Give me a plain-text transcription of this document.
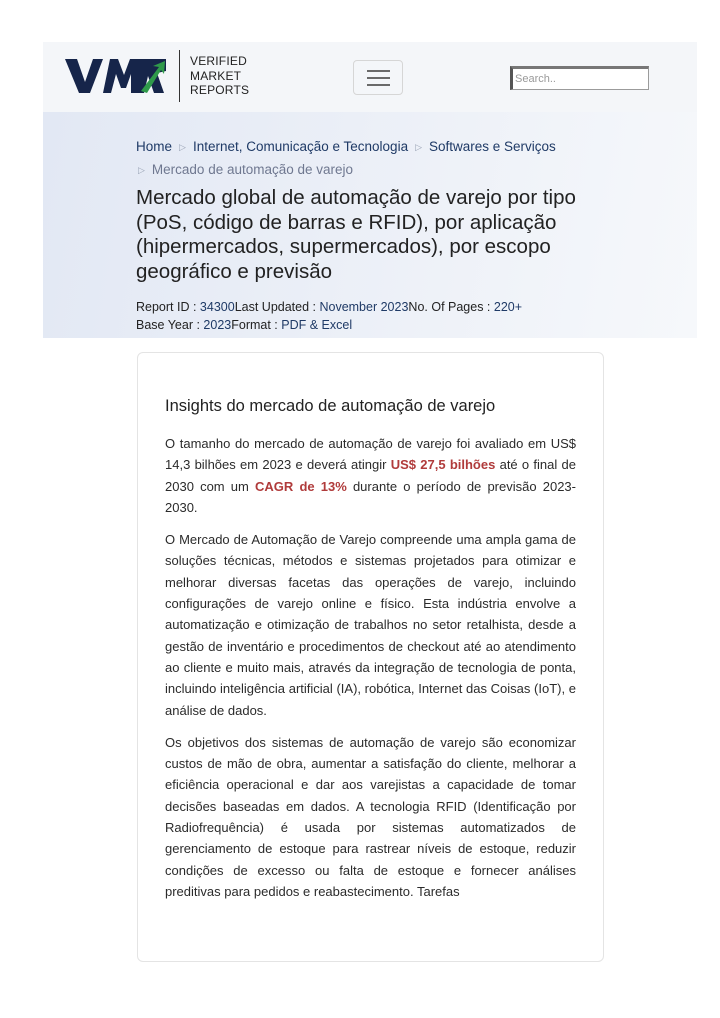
VERIFIED
MARKET
REPORTS
Search..
Home ▷ Internet, Comunicação e Tecnologia ▷ Softwares e Serviços
▷ Mercado de automação de varejo
Mercado global de automação de varejo por tipo (PoS, código de barras e RFID), por aplicação (hipermercados, supermercados), por escopo geográfico e previsão
Report ID : 34300Last Updated : November 2023No. Of Pages : 220+
Base Year : 2023Format : PDF & Excel
Insights do mercado de automação de varejo

O tamanho do mercado de automação de varejo foi avaliado em US$ 14,3 bilhões em 2023 e deverá atingir US$ 27,5 bilhões até o final de 2030 com um CAGR de 13% durante o período de previsão 2023-2030.

O Mercado de Automação de Varejo compreende uma ampla gama de soluções técnicas, métodos e sistemas projetados para otimizar e melhorar diversas facetas das operações de varejo, incluindo configurações de varejo online e físico. Esta indústria envolve a automatização e otimização de trabalhos no setor retalhista, desde a gestão de inventário e procedimentos de checkout até ao atendimento ao cliente e muito mais, através da integração de tecnologia de ponta, incluindo inteligência artificial (IA), robótica, Internet das Coisas (IoT), e análise de dados.

Os objetivos dos sistemas de automação de varejo são economizar custos de mão de obra, aumentar a satisfação do cliente, melhorar a eficiência operacional e dar aos varejistas a capacidade de tomar decisões baseadas em dados. A tecnologia RFID (Identificação por Radiofrequência) é usada por sistemas automatizados de gerenciamento de estoque para rastrear níveis de estoque, reduzir condições de excesso ou falta de estoque e fornecer análises preditivas para pedidos e reabastecimento. Tarefas
